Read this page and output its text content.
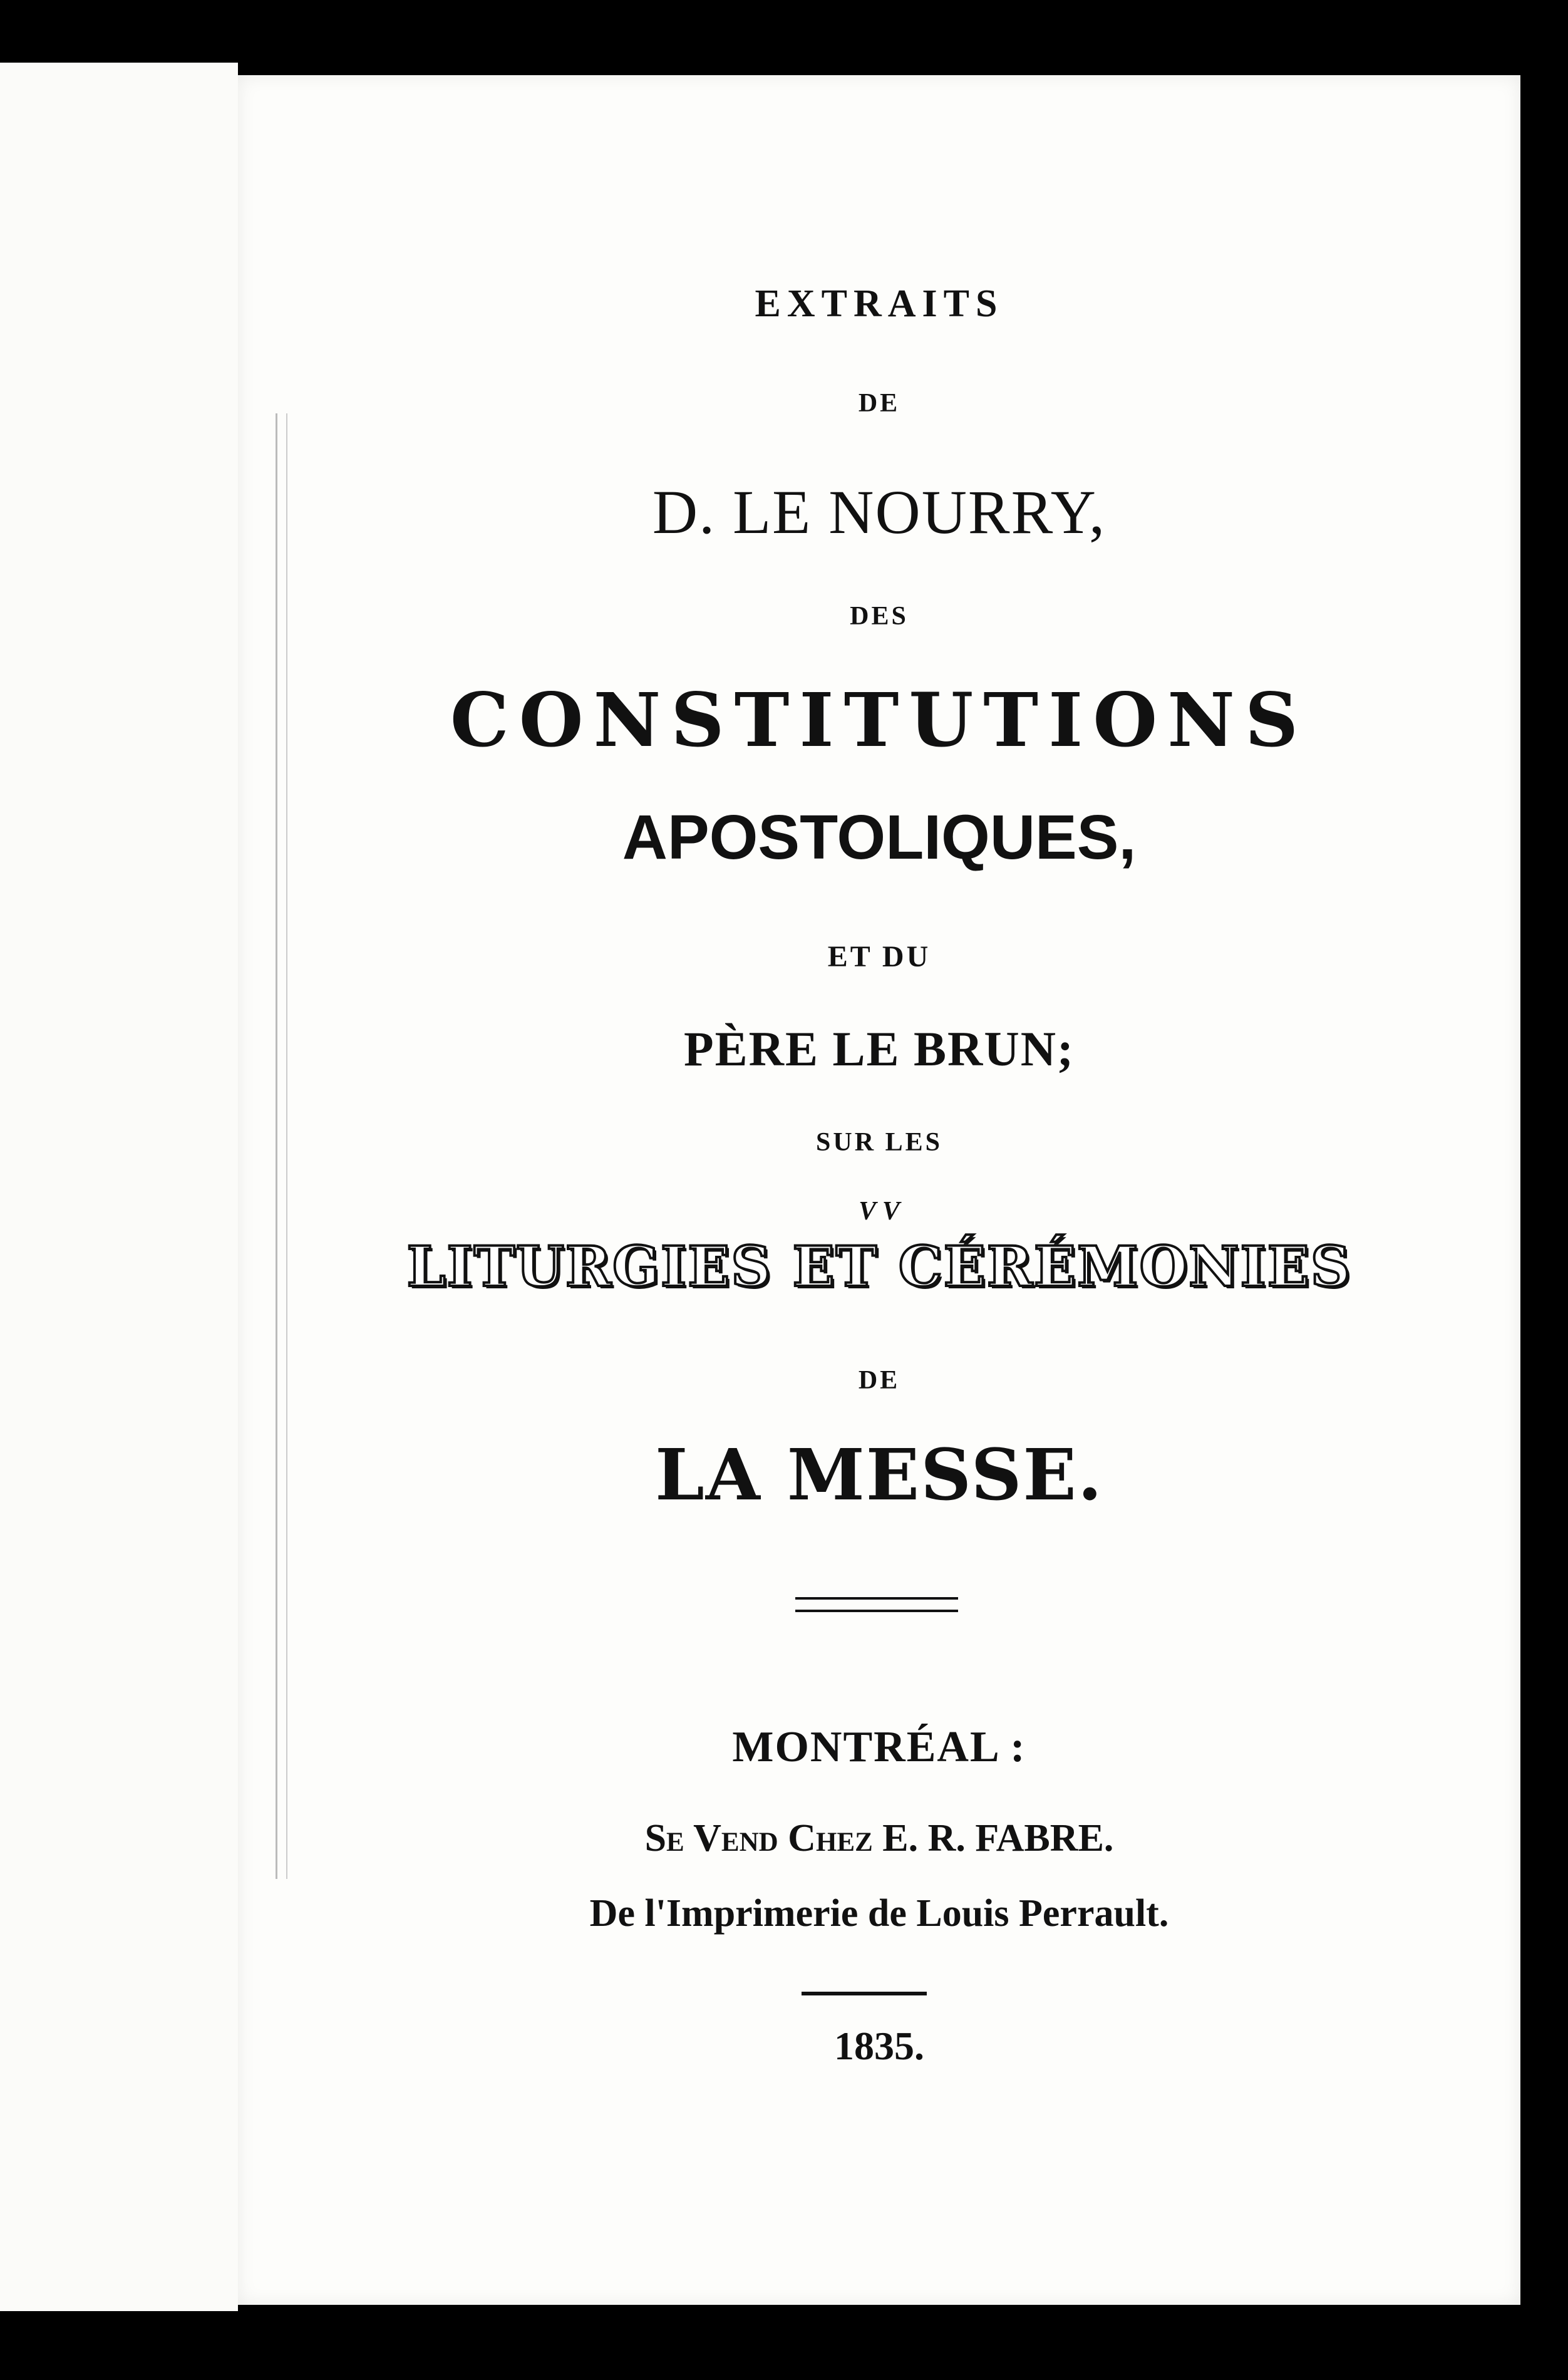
EXTRAITS
DE
D. LE NOURRY,
DES
CONSTITUTIONS
APOSTOLIQUES,
ET DU
PÈRE LE BRUN;
SUR LES
V V
LITURGIES ET CÉRÉMONIES
DE
LA MESSE.
MONTRÉAL :
Se Vend Chez E. R. FABRE.
De l'Imprimerie de Louis Perrault.
1835.
